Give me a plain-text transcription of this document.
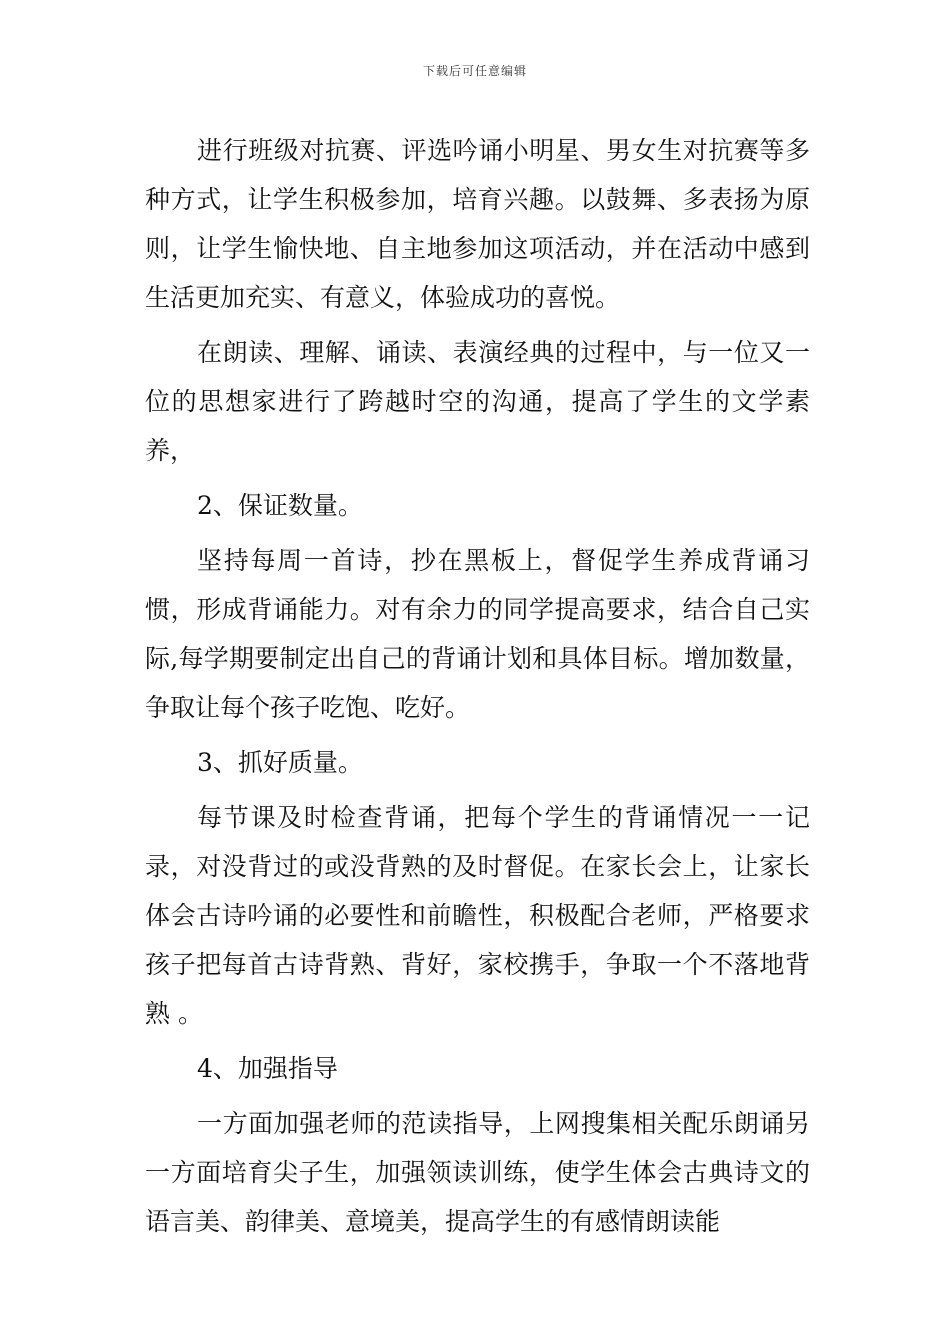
下载后可任意编辑

进行班级对抗赛、评选吟诵小明星、男女生对抗赛等多种方式，让学生积极参加，培育兴趣。以鼓舞、多表扬为原则，让学生愉快地、自主地参加这项活动，并在活动中感到生活更加充实、有意义，体验成功的喜悦。

在朗读、理解、诵读、表演经典的过程中，与一位又一位的思想家进行了跨越时空的沟通，提高了学生的文学素养，

2、保证数量。

坚持每周一首诗，抄在黑板上，督促学生养成背诵习惯，形成背诵能力。对有余力的同学提高要求，结合自己实际,每学期要制定出自己的背诵计划和具体目标。增加数量，争取让每个孩子吃饱、吃好。

3、抓好质量。

每节课及时检查背诵，把每个学生的背诵情况一一记录，对没背过的或没背熟的及时督促。在家长会上，让家长体会古诗吟诵的必要性和前瞻性，积极配合老师，严格要求孩子把每首古诗背熟、背好，家校携手，争取一个不落地背熟 。

4、加强指导

一方面加强老师的范读指导，上网搜集相关配乐朗诵另一方面培育尖子生，加强领读训练，使学生体会古典诗文的语言美、韵律美、意境美，提高学生的有感情朗读能
